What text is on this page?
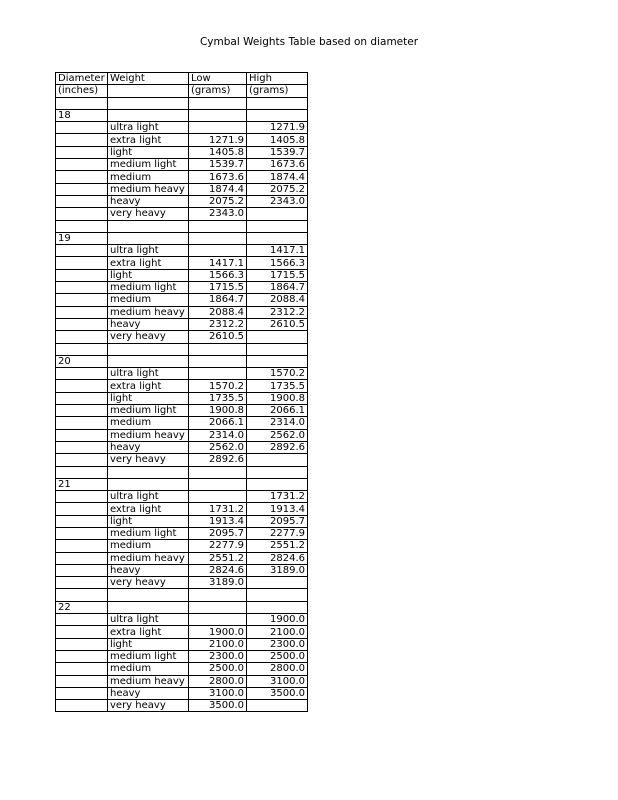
Cymbal Weights Table based on diameter
Diameter	Weight	Low	High
(inches)		(grams)	(grams)

18			
	ultra light		1271.9
	extra light	1271.9	1405.8
	light	1405.8	1539.7
	medium light	1539.7	1673.6
	medium	1673.6	1874.4
	medium heavy	1874.4	2075.2
	heavy	2075.2	2343.0
	very heavy	2343.0	

19			
	ultra light		1417.1
	extra light	1417.1	1566.3
	light	1566.3	1715.5
	medium light	1715.5	1864.7
	medium	1864.7	2088.4
	medium heavy	2088.4	2312.2
	heavy	2312.2	2610.5
	very heavy	2610.5	

20			
	ultra light		1570.2
	extra light	1570.2	1735.5
	light	1735.5	1900.8
	medium light	1900.8	2066.1
	medium	2066.1	2314.0
	medium heavy	2314.0	2562.0
	heavy	2562.0	2892.6
	very heavy	2892.6	

21			
	ultra light		1731.2
	extra light	1731.2	1913.4
	light	1913.4	2095.7
	medium light	2095.7	2277.9
	medium	2277.9	2551.2
	medium heavy	2551.2	2824.6
	heavy	2824.6	3189.0
	very heavy	3189.0	

22			
	ultra light		1900.0
	extra light	1900.0	2100.0
	light	2100.0	2300.0
	medium light	2300.0	2500.0
	medium	2500.0	2800.0
	medium heavy	2800.0	3100.0
	heavy	3100.0	3500.0
	very heavy	3500.0	
